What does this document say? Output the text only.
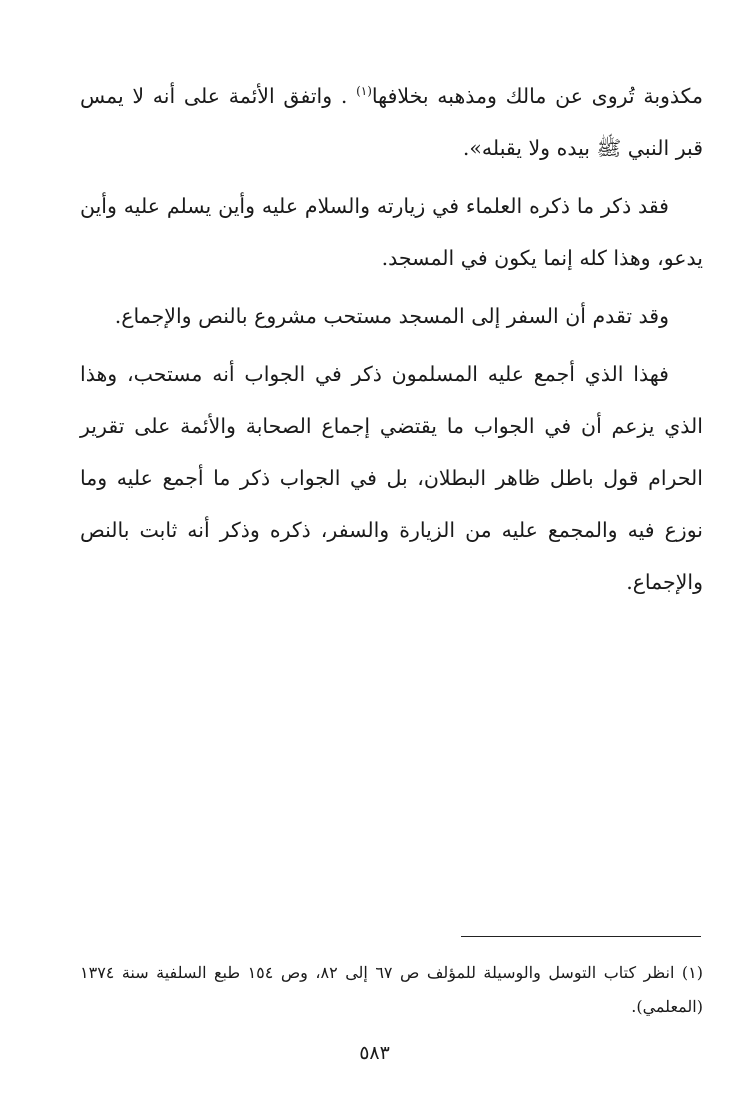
مكذوبة تُروى عن مالك ومذهبه بخلافها$^{(١)}$ . واتفق الأئمة على أنه لا يمس قبر النبي ﷺ بيده ولا يقبله».

فقد ذكر ما ذكره العلماء في زيارته والسلام عليه وأين يسلم عليه وأين يدعو، وهذا كله إنما يكون في المسجد.

وقد تقدم أن السفر إلى المسجد مستحب مشروع بالنص والإجماع.

فهذا الذي أجمع عليه المسلمون ذكر في الجواب أنه مستحب، وهذا الذي يزعم أن في الجواب ما يقتضي إجماع الصحابة والأئمة على تقرير الحرام قول باطل ظاهر البطلان، بل في الجواب ذكر ما أجمع عليه وما نوزع فيه والمجمع عليه من الزيارة والسفر، ذكره وذكر أنه ثابت بالنص والإجماع.

(١) انظر كتاب التوسل والوسيلة للمؤلف ص ٦٧ إلى ٨٢، وص ١٥٤ طبع السلفية سنة ١٣٧٤ (المعلمي).
٥٨٣
